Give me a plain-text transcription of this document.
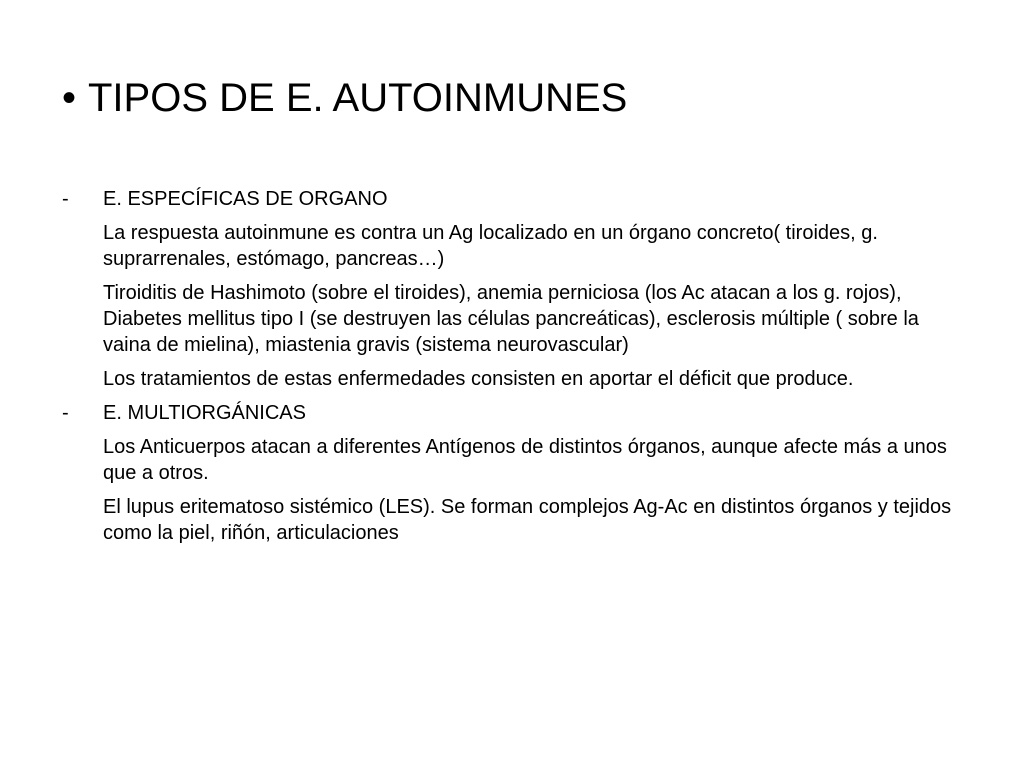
• TIPOS DE E. AUTOINMUNES
- E. ESPECÍFICAS DE ORGANO
La respuesta autoinmune es contra un Ag localizado en un órgano concreto( tiroides, g. suprarrenales, estómago, pancreas…)
Tiroiditis de Hashimoto (sobre el tiroides), anemia perniciosa (los Ac atacan a los g. rojos), Diabetes mellitus tipo I (se destruyen las células pancreáticas), esclerosis múltiple ( sobre la vaina de mielina), miastenia gravis (sistema neurovascular)
Los tratamientos de estas enfermedades consisten en aportar el déficit que produce.
- E. MULTIORGÁNICAS
Los Anticuerpos atacan a diferentes Antígenos de distintos órganos, aunque afecte más a unos que a otros.
El lupus eritematoso sistémico (LES). Se forman complejos Ag-Ac en distintos órganos y tejidos como la piel, riñón, articulaciones
